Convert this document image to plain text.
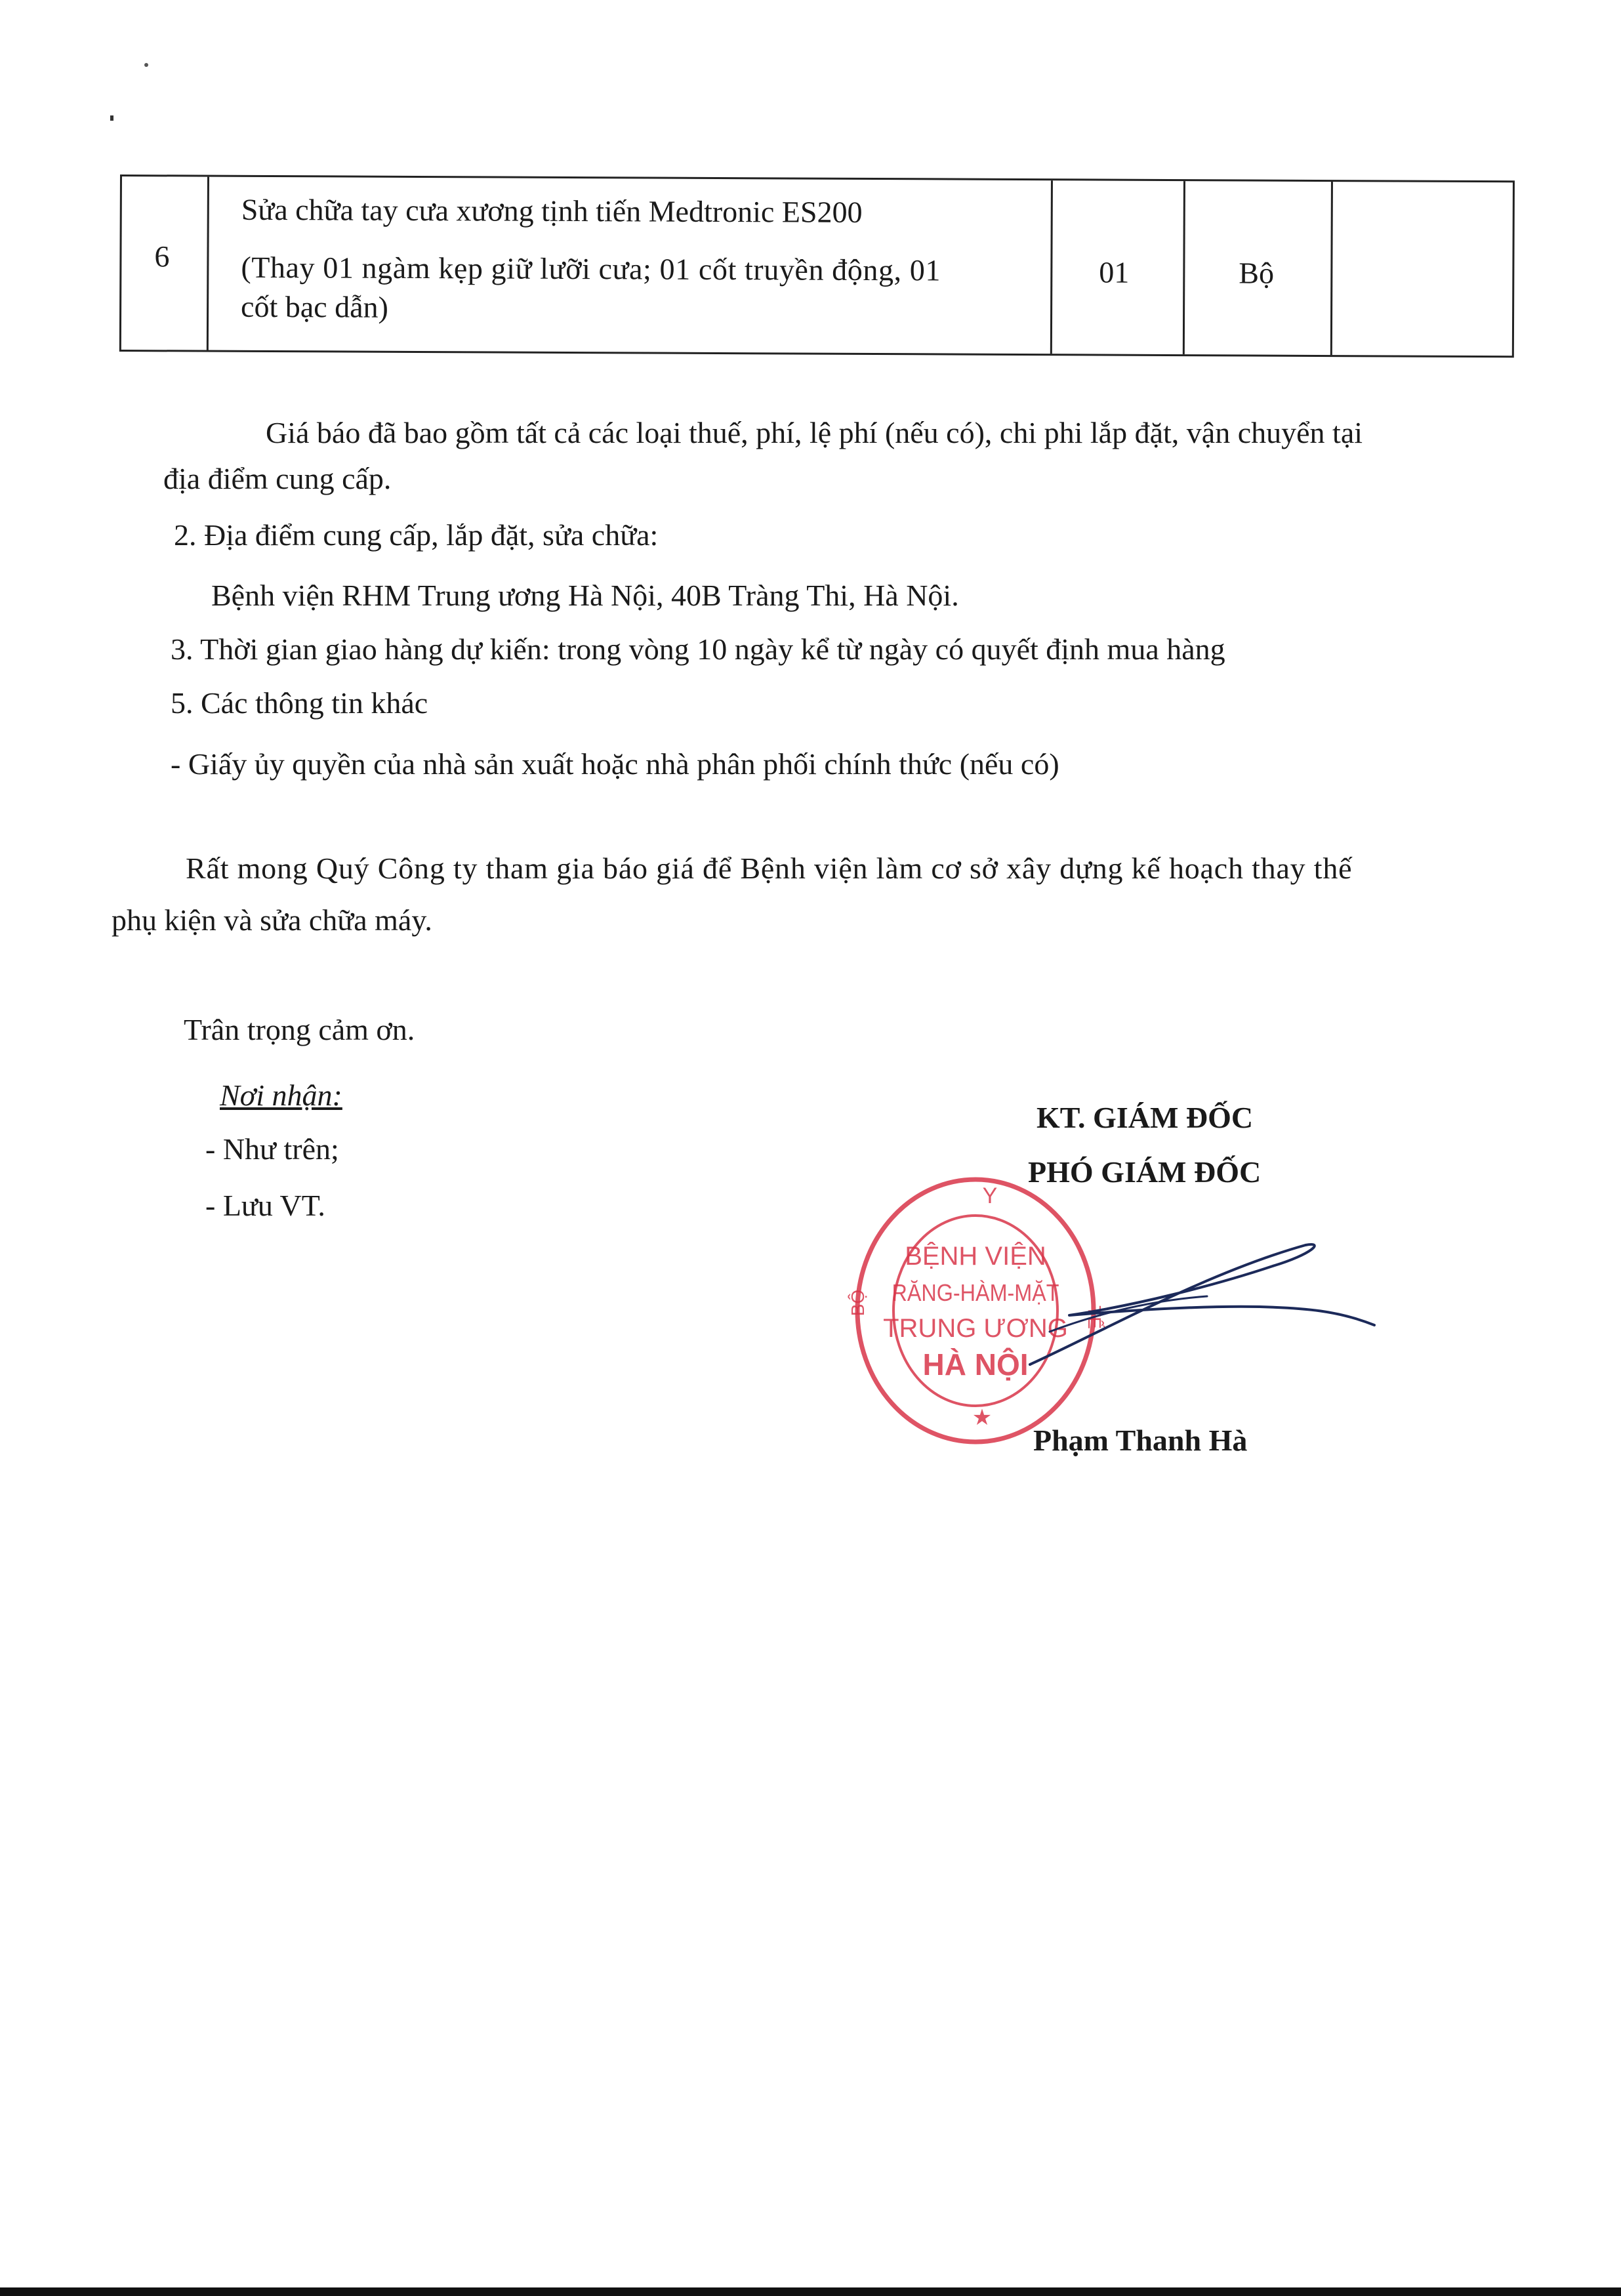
6
Sửa chữa tay cưa xương tịnh tiến Medtronic ES200
(Thay 01 ngàm kẹp giữ lưỡi cưa; 01 cốt truyền động, 01
cốt bạc dẫn)
01	Bộ
Giá báo đã bao gồm tất cả các loại thuế, phí, lệ phí (nếu có), chi phi lắp đặt, vận chuyển tại
địa điểm cung cấp.
2. Địa điểm cung cấp, lắp đặt, sửa chữa:
Bệnh viện RHM Trung ương Hà Nội, 40B Tràng Thi, Hà Nội.
3. Thời gian giao hàng dự kiến: trong vòng 10 ngày kể từ ngày có quyết định mua hàng
5. Các thông tin khác
- Giấy ủy quyền của nhà sản xuất hoặc nhà phân phối chính thức (nếu có)
Rất mong Quý Công ty tham gia báo giá để Bệnh viện làm cơ sở xây dựng kế hoạch thay thế
phụ kiện và sửa chữa máy.
Trân trọng cảm ơn.
Nơi nhận:
- Như trên;
- Lưu VT.
KT. GIÁM ĐỐC
PHÓ GIÁM ĐỐC
Y
BỘ
TẾ
BỆNH VIỆN
RĂNG-HÀM-MẶT
TRUNG ƯƠNG
HÀ NỘI
★
Phạm Thanh Hà
